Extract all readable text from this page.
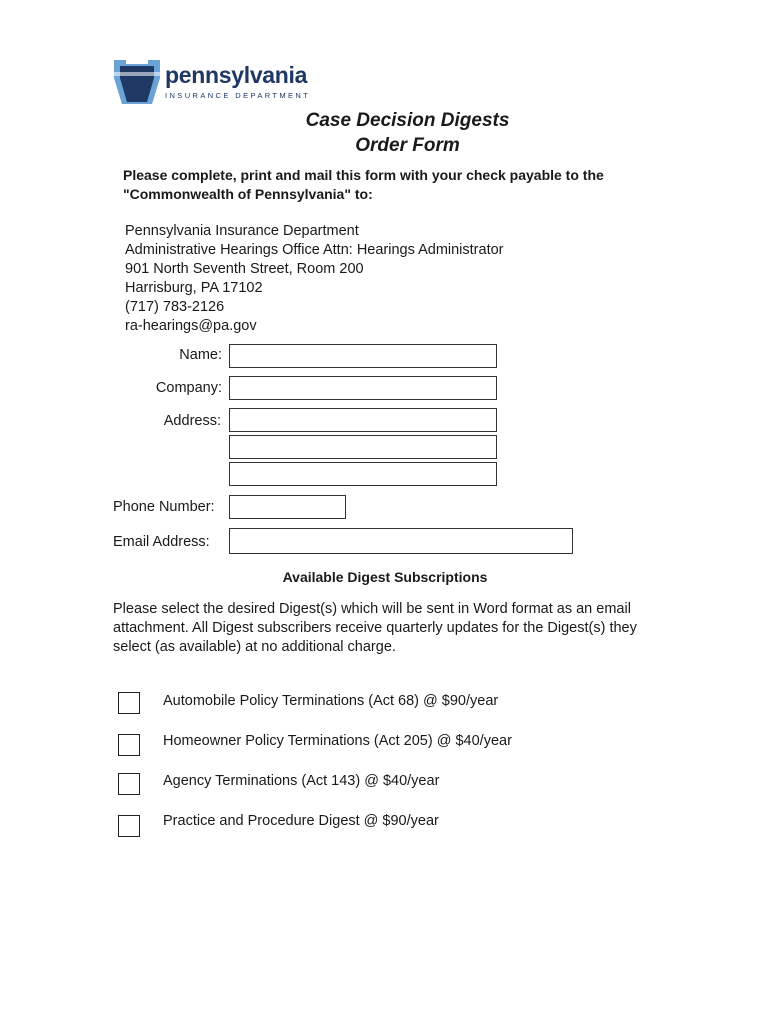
pennsylvania
INSURANCE DEPARTMENT
Case Decision Digests
Order Form
Please complete, print and mail this form with your check payable to the "Commonwealth of Pennsylvania" to:
Pennsylvania Insurance Department
Administrative Hearings Office Attn: Hearings Administrator
901 North Seventh Street, Room 200
Harrisburg, PA 17102
(717) 783-2126
ra-hearings@pa.gov
Name:
Company:
Address:
Phone Number:
Email Address:
Available Digest Subscriptions
Please select the desired Digest(s) which will be sent in Word format as an email attachment. All Digest subscribers receive quarterly updates for the Digest(s) they select (as available) at no additional charge.
Automobile Policy Terminations (Act 68) @ $90/year
Homeowner Policy Terminations (Act 205) @ $40/year
Agency Terminations (Act 143) @ $40/year
Practice and Procedure Digest @ $90/year
